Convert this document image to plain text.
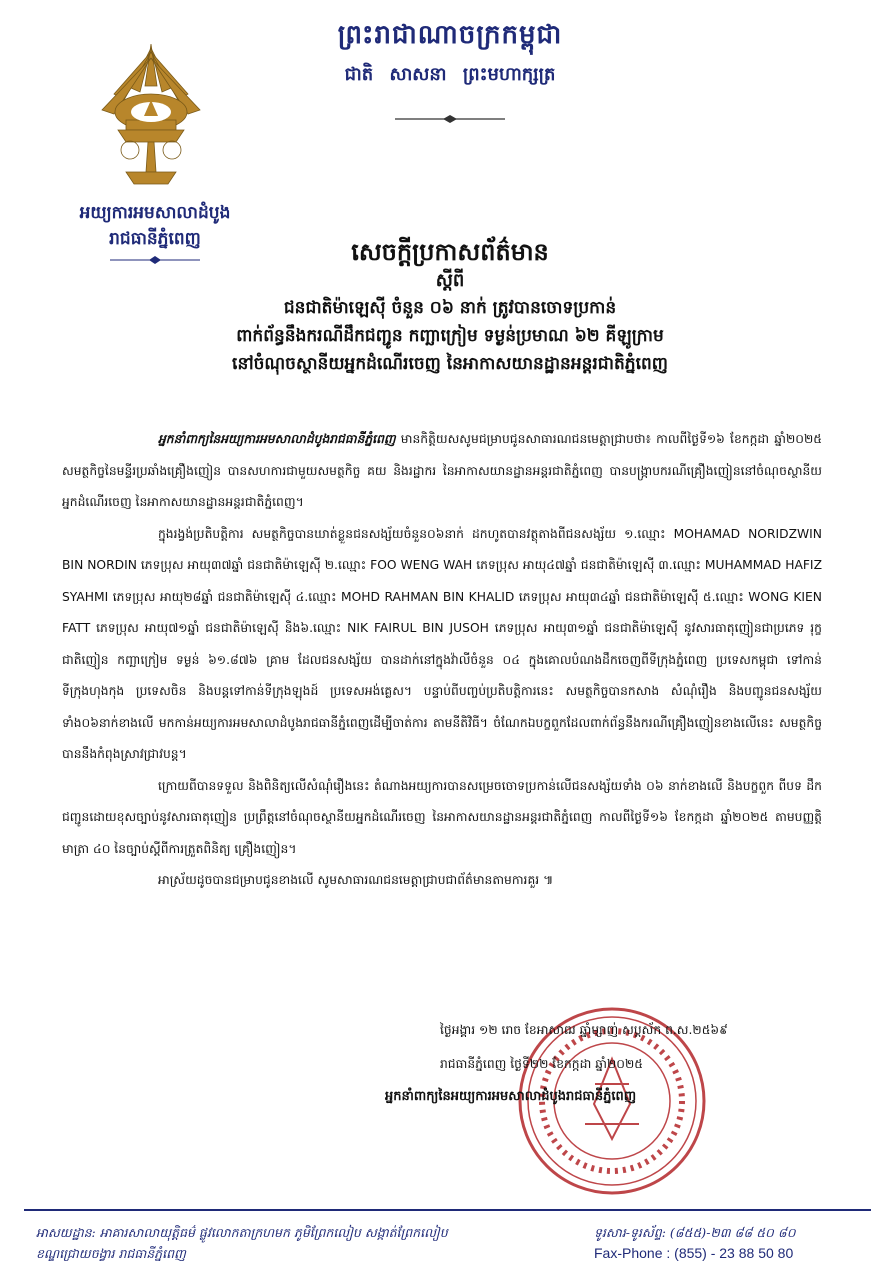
ព្រះរាជាណាចក្រកម្ពុជា
ជាតិ សាសនា ព្រះមហាក្សត្រ
អយ្យការអមសាលាដំបូង
រាជធានីភ្នំពេញ	សេចក្តីប្រកាសព័ត៌មាន
ស្តីពី
ជនជាតិម៉ាឡេស៊ី ចំនួន ០៦ នាក់ ត្រូវបានចោទប្រកាន់
ពាក់ព័ន្ធនឹងករណីដឹកជញ្ជូន កញ្ឆាក្រៀម ទម្ងន់ប្រមាណ ៦២ គីឡូក្រាម
នៅចំណុចស្ថានីយអ្នកដំណើរចេញ នៃអាកាសយានដ្ឋានអន្តរជាតិភ្នំពេញ

អ្នកនាំពាក្យនៃអយ្យការអមសាលាដំបូងរាជធានីភ្នំពេញ មានកិត្តិយសសូមជម្រាបជូនសាធារណជនមេត្តាជ្រាបថា៖ កាលពីថ្ងៃទី១៦ ខែកក្កដា ឆ្នាំ២០២៥ សមត្ថកិច្ចនៃមន្ទីរប្រឆាំងគ្រឿងញៀន បានសហការជាមួយសមត្ថកិច្ច គយ និងរដ្ឋាករ នៃអាកាសយានដ្ឋានអន្តរជាតិភ្នំពេញ បានបង្ក្រាបករណីគ្រឿងញៀននៅចំណុចស្ថានីយអ្នកដំណើរចេញ នៃអាកាសយានដ្ឋានអន្តរជាតិភ្នំពេញ។

ក្នុងរង្វង់ប្រតិបត្តិការ សមត្ថកិច្ចបានឃាត់ខ្លួនជនសង្ស័យចំនួន០៦នាក់ ដកហូតបានវត្ថុតាងពីជនសង្ស័យ ១.ឈ្មោះ MOHAMAD NORIDZWIN BIN NORDIN ភេទប្រុស អាយុ៣៧ឆ្នាំ ជនជាតិម៉ាឡេស៊ី ២.ឈ្មោះ FOO WENG WAH ភេទប្រុស អាយុ៤៧ឆ្នាំ ជនជាតិម៉ាឡេស៊ី ៣.ឈ្មោះ MUHAMMAD HAFIZ SYAHMI ភេទប្រុស អាយុ២៨ឆ្នាំ ជនជាតិម៉ាឡេស៊ី ៤.ឈ្មោះ MOHD RAHMAN BIN KHALID ភេទប្រុស អាយុ៣៤ឆ្នាំ ជនជាតិម៉ាឡេស៊ី ៥.ឈ្មោះ WONG KIEN FATT ភេទប្រុស អាយុ៧១ឆ្នាំ ជនជាតិម៉ាឡេស៊ី និង៦.ឈ្មោះ NIK FAIRUL BIN JUSOH ភេទប្រុស អាយុ៣១ឆ្នាំ ជនជាតិម៉ាឡេស៊ី នូវសារធាតុញៀនជាប្រភេទ រុក្ខជាតិញៀន កញ្ឆាក្រៀម ទម្ងន់ ៦១.៨៧៦ គ្រាម ដែលជនសង្ស័យ បានដាក់នៅក្នុងវ៉ាលីចំនួន ០៤ ក្នុងគោលបំណងដឹកចេញពីទីក្រុងភ្នំពេញ ប្រទេសកម្ពុជា ទៅកាន់ទីក្រុងហុងកុង ប្រទេសចិន និងបន្តទៅកាន់ទីក្រុងឡុងដ៍ ប្រទេសអង់គ្លេស។ បន្ទាប់ពីបញ្ចប់ប្រតិបត្តិការនេះ សមត្ថកិច្ចបានកសាង សំណុំរឿង និងបញ្ជូនជនសង្ស័យទាំង០៦នាក់ខាងលើ មកកាន់អយ្យការអមសាលាដំបូងរាជធានីភ្នំពេញដើម្បីចាត់ការ តាមនីតិវិធី។ ចំណែកឯបក្ខពួកដែលពាក់ព័ន្ធនឹងករណីគ្រឿងញៀនខាងលើនេះ សមត្ថកិច្ចបាននឹងកំពុងស្រាវជ្រាវបន្ត។

ក្រោយពីបានទទួល និងពិនិត្យលើសំណុំរឿងនេះ តំណាងអយ្យការបានសម្រេចចោទប្រកាន់លើជនសង្ស័យទាំង ០៦ នាក់ខាងលើ និងបក្ខពួក ពីបទ ដឹកជញ្ជូនដោយខុសច្បាប់នូវសារធាតុញៀន ប្រព្រឹត្តនៅចំណុចស្ថានីយអ្នកដំណើរចេញ នៃអាកាសយានដ្ឋានអន្តរជាតិភ្នំពេញ កាលពីថ្ងៃទី១៦ ខែកក្កដា ឆ្នាំ២០២៥ តាមបញ្ញត្តិមាត្រា ៤០ នៃច្បាប់ស្តីពីការត្រួតពិនិត្យ គ្រឿងញៀន។

អាស្រ័យដូចបានជម្រាបជូនខាងលើ សូមសាធារណជនមេត្តាជ្រាបជាព័ត៌មានតាមការគួរ ៕

ថ្ងៃអង្គារ ១២ រោច ខែអាសាឍ ឆ្នាំម្សាញ់ សប្តស័ក ព.ស.២៥៦៩
រាជធានីភ្នំពេញ ថ្ងៃទី២២ ខែកក្កដា ឆ្នាំ២០២៥
អ្នកនាំពាក្យនៃអយ្យការអមសាលាដំបូងរាជធានីភ្នំពេញ
អាសយដ្ឋាន: អាគារសាលាយុត្តិធម៌ ផ្លូវលោកតាក្រហមក ភូមិព្រែកលៀប សង្កាត់ព្រែកលៀប
ខណ្ឌជ្រោយចង្វារ រាជធានីភ្នំពេញ
ទូរសារ-ទូរស័ព្ទ: (៨៥៥)-២៣ ៨៨ ៥០ ៨០
Fax-Phone : (855) - 23 88 50 80
